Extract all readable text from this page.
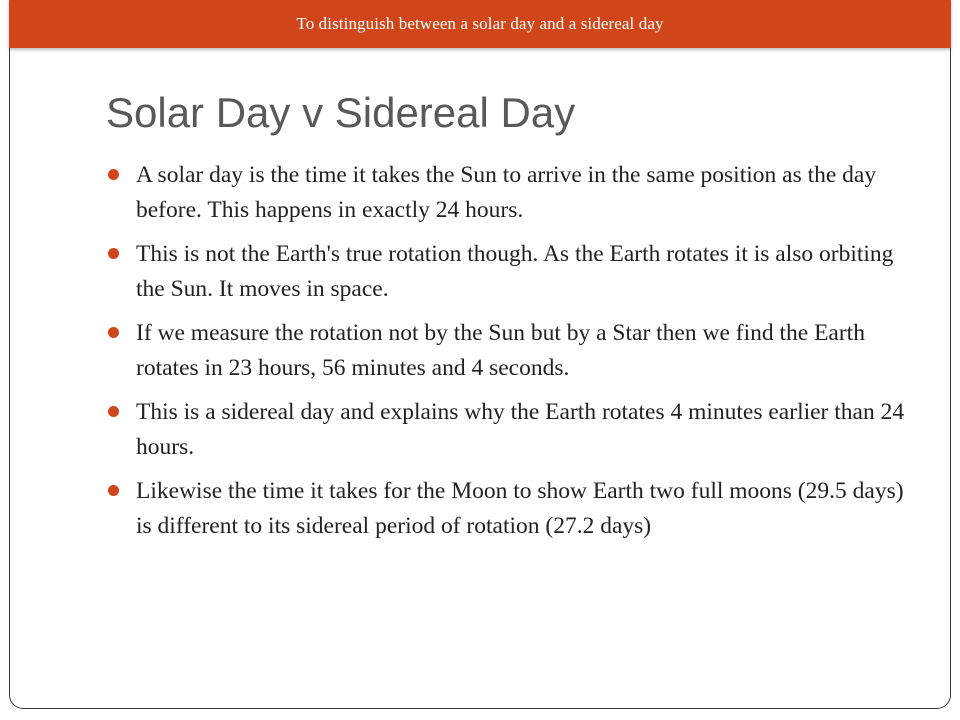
To distinguish between a solar day and a sidereal day
Solar Day v Sidereal Day
A solar day is the time it takes the Sun to arrive in the same position as the day before. This happens in exactly 24 hours.
This is not the Earth's true rotation though. As the Earth rotates it is also orbiting the Sun. It moves in space.
If we measure the rotation not by the Sun but by a Star then we find the Earth rotates in 23 hours, 56 minutes and 4 seconds.
This is a sidereal day and explains why the Earth rotates 4 minutes earlier than 24 hours.
Likewise the time it takes for the Moon to show Earth two full moons (29.5 days) is different to its sidereal period of rotation (27.2 days)
